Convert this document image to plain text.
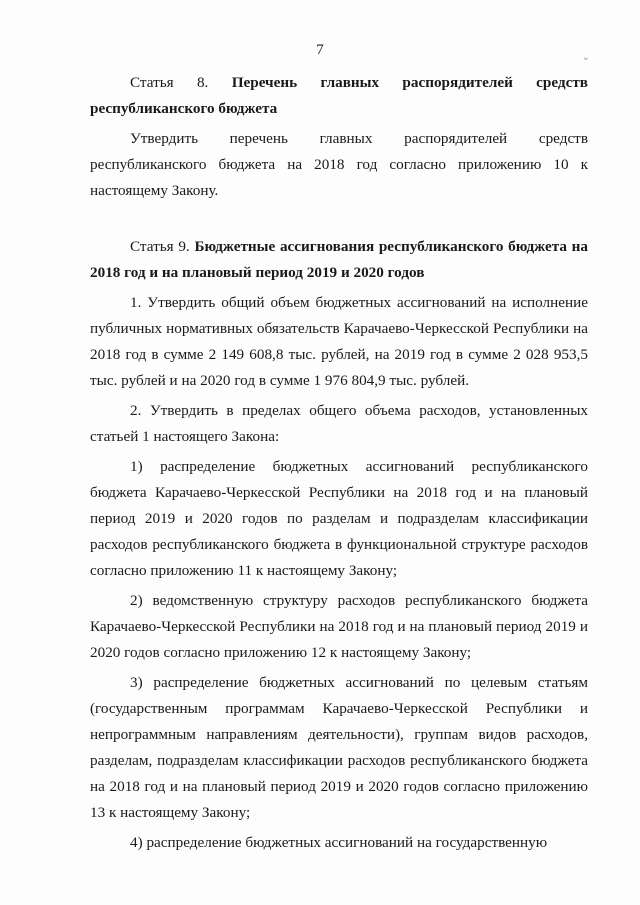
7	⌄

Статья 8. Перечень главных распорядителей средств республиканского бюджета

Утвердить перечень главных распорядителей средств республиканского бюджета на 2018 год согласно приложению 10 к настоящему Закону.

Статья 9. Бюджетные ассигнования республиканского бюджета на 2018 год и на плановый период 2019 и 2020 годов

1. Утвердить общий объем бюджетных ассигнований на исполнение публичных нормативных обязательств Карачаево-Черкесской Республики на 2018 год в сумме 2 149 608,8 тыс. рублей, на 2019 год в сумме 2 028 953,5 тыс. рублей и на 2020 год в сумме 1 976 804,9 тыс. рублей.

2. Утвердить в пределах общего объема расходов, установленных статьей 1 настоящего Закона:

1) распределение бюджетных ассигнований республиканского бюджета Карачаево-Черкесской Республики на 2018 год и на плановый период 2019 и 2020 годов по разделам и подразделам классификации расходов республиканского бюджета в функциональной структуре расходов согласно приложению 11 к настоящему Закону;

2) ведомственную структуру расходов республиканского бюджета Карачаево-Черкесской Республики на 2018 год и на плановый период 2019 и 2020 годов согласно приложению 12 к настоящему Закону;

3) распределение бюджетных ассигнований по целевым статьям (государственным программам Карачаево-Черкесской Республики и непрограммным направлениям деятельности), группам видов расходов, разделам, подразделам классификации расходов республиканского бюджета на 2018 год и на плановый период 2019 и 2020 годов согласно приложению 13 к настоящему Закону;

4) распределение бюджетных ассигнований на государственную
